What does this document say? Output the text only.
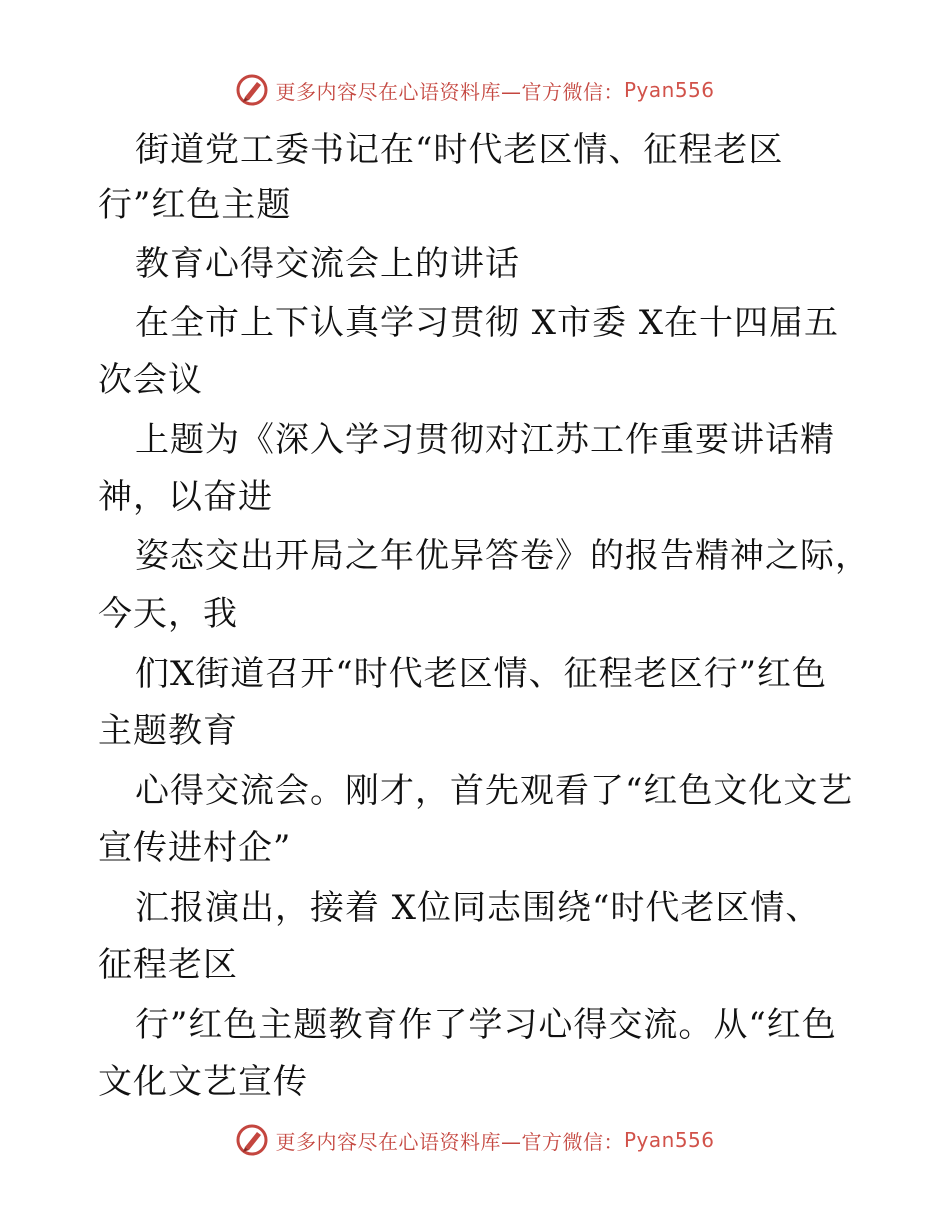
更多内容尽在心语资料库—官方微信： Pyan556
街道党工委书记在“时代老区情、征程老区
行”红色主题
教育心得交流会上的讲话
在全市上下认真学习贯彻 X市委 X在十四届五
次会议
上题为《深入学习贯彻对江苏工作重要讲话精
神，以奋进
姿态交出开局之年优异答卷》的报告精神之际，
今天，我
们X街道召开“时代老区情、征程老区行”红色
主题教育
心得交流会。刚才，首先观看了“红色文化文艺
宣传进村企”
汇报演出，接着 X位同志围绕“时代老区情、
征程老区
行”红色主题教育作了学习心得交流。从“红色
文化文艺宣传
更多内容尽在心语资料库—官方微信： Pyan556
